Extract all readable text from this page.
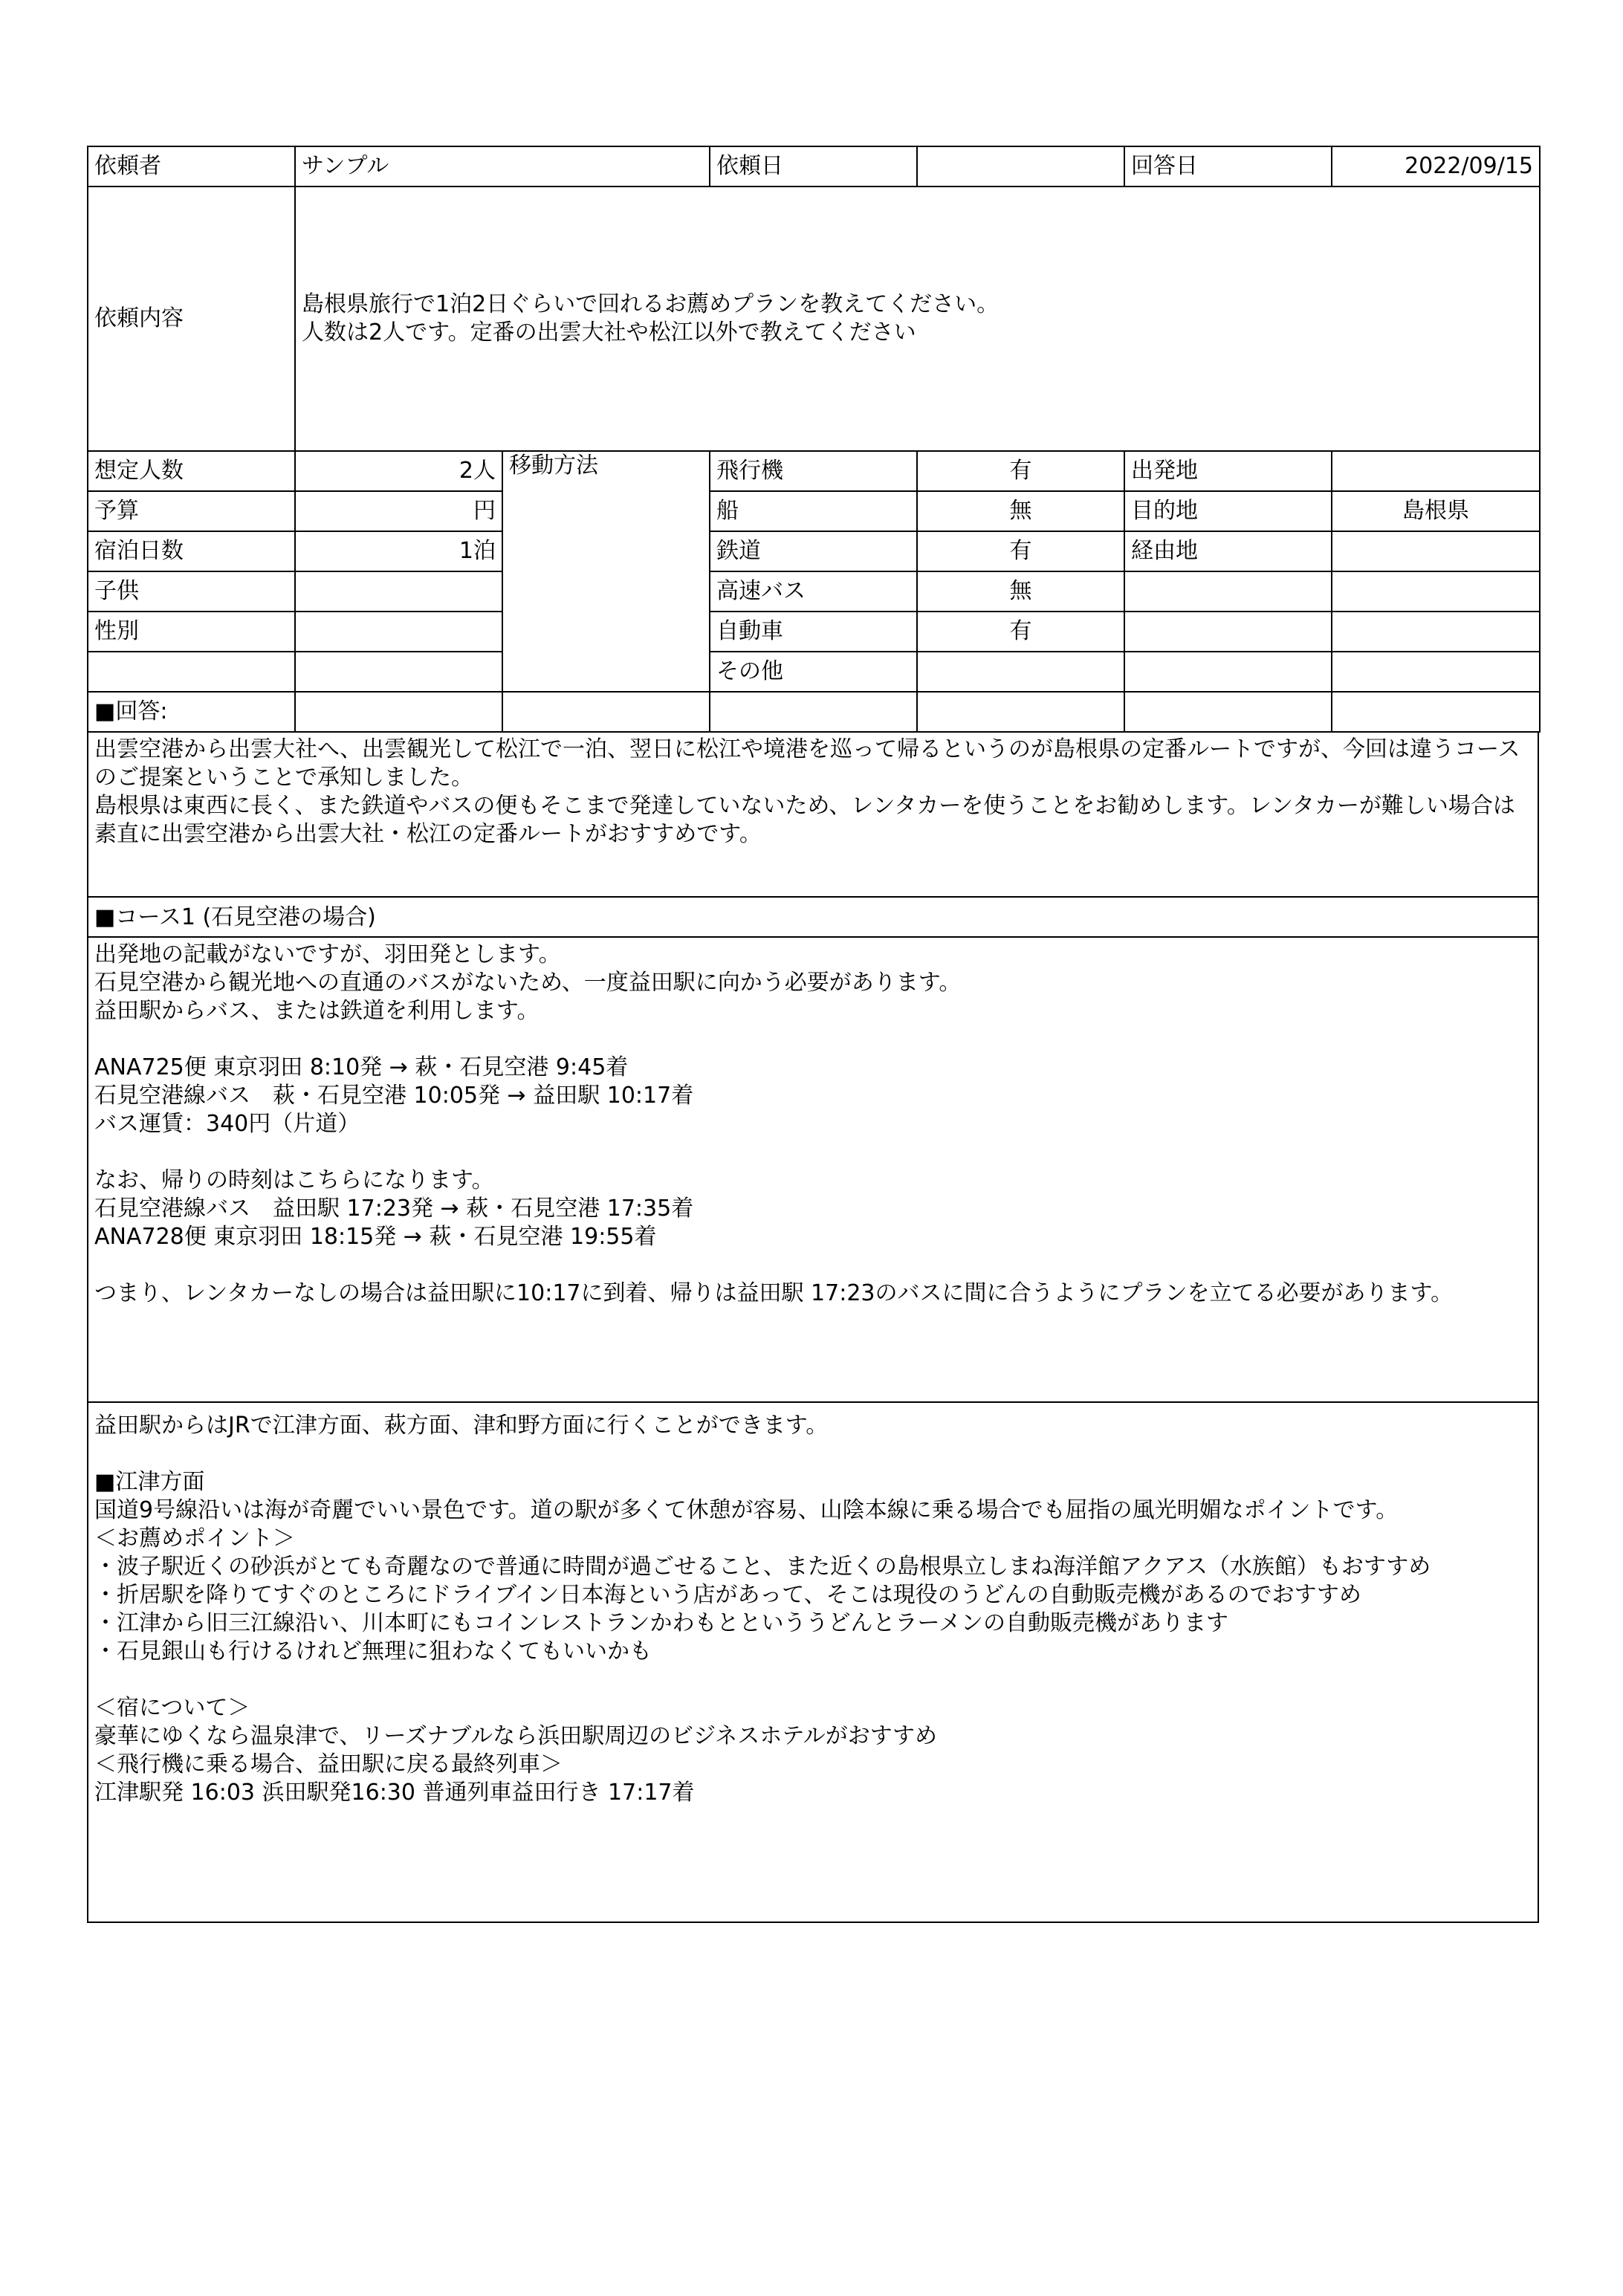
依頼者	サンプル		依頼日		回答日	2022/09/15
依頼内容	島根県旅行で1泊2日ぐらいで回れるお薦めプランを教えてください。
人数は2人です。定番の出雲大社や松江以外で教えてください					

想定人数	2人	移動方法	飛行機	有	出発地	
予算	円		船	無	目的地	島根県
宿泊日数	1泊		鉄道	有	経由地	
子供			高速バス	無		
性別			自動車	有		
			その他			
■回答:						

出雲空港から出雲大社へ、出雲観光して松江で一泊、翌日に松江や境港を巡って帰るというのが島根県の定番ルートですが、今回は違うコースのご提案ということで承知しました。

島根県は東西に長く、また鉄道やバスの便もそこまで発達していないため、レンタカーを使うことをお勧めします。レンタカーが難しい場合は素直に出雲空港から出雲大社・松江の定番ルートがおすすめです。

■コース1 (石見空港の場合)

出発地の記載がないですが、羽田発とします。

石見空港から観光地への直通のバスがないため、一度益田駅に向かう必要があります。

益田駅からバス、または鉄道を利用します。

ANA725便 東京羽田 8:10発 → 萩・石見空港 9:45着

石見空港線バス　萩・石見空港 10:05発 → 益田駅 10:17着

バス運賃：340円（片道）

なお、帰りの時刻はこちらになります。

石見空港線バス　益田駅 17:23発 → 萩・石見空港 17:35着

ANA728便 東京羽田 18:15発 → 萩・石見空港 19:55着

つまり、レンタカーなしの場合は益田駅に10:17に到着、帰りは益田駅 17:23のバスに間に合うようにプランを立てる必要があります。

益田駅からはJRで江津方面、萩方面、津和野方面に行くことができます。

■江津方面

国道9号線沿いは海が奇麗でいい景色です。道の駅が多くて休憩が容易、山陰本線に乗る場合でも屈指の風光明媚なポイントです。

＜お薦めポイント＞

・波子駅近くの砂浜がとても奇麗なので普通に時間が過ごせること、また近くの島根県立しまね海洋館アクアス（水族館）もおすすめ

・折居駅を降りてすぐのところにドライブイン日本海という店があって、そこは現役のうどんの自動販売機があるのでおすすめ

・江津から旧三江線沿い、川本町にもコインレストランかわもとといううどんとラーメンの自動販売機があります

・石見銀山も行けるけれど無理に狙わなくてもいいかも

＜宿について＞

豪華にゆくなら温泉津で、リーズナブルなら浜田駅周辺のビジネスホテルがおすすめ

＜飛行機に乗る場合、益田駅に戻る最終列車＞

江津駅発 16:03 浜田駅発16:30 普通列車益田行き 17:17着
